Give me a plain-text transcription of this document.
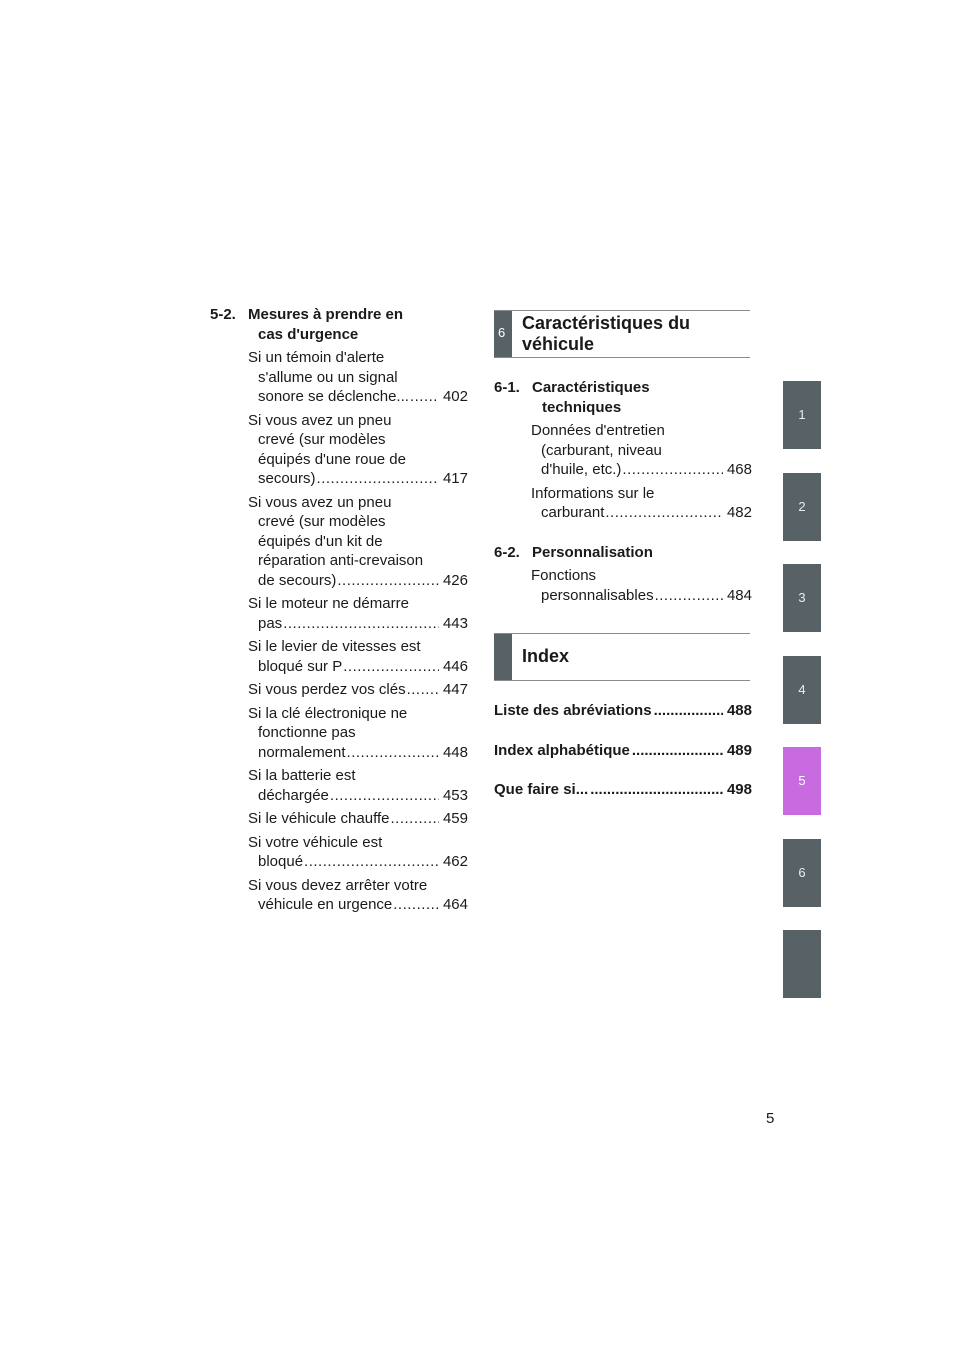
5-2. Mesures à prendre en
cas d'urgence
Si un témoin d'alerte
s'allume ou un signal
sonore se déclenche... ..... 402
Si vous avez un pneu
crevé (sur modèles
équipés d'une roue de
secours) .....	417
Si vous avez un pneu
crevé (sur modèles
équipés d'un kit de
réparation anti-crevaison
de secours) .....	426
Si le moteur ne démarre
pas .....	443
Si le levier de vitesses est
bloqué sur P .....	446
Si vous perdez vos clés ..... 447
Si la clé électronique ne
fonctionne pas
normalement .....	448
Si la batterie est
déchargée .....	453
Si le véhicule chauffe .....	459
Si votre véhicule est
bloqué .....	462
Si vous devez arrêter votre
véhicule en urgence .....	464
6 Caractéristiques du
véhicule
6-1. Caractéristiques
techniques
Données d'entretien
(carburant, niveau
d'huile, etc.) .....	468
Informations sur le
carburant .....	482
6-2. Personnalisation
Fonctions
personnalisables .....	484
Index
Liste des abréviations .....	488
Index alphabétique .....	489
Que faire si... .....	498
1
2
3
4
5
6
5
